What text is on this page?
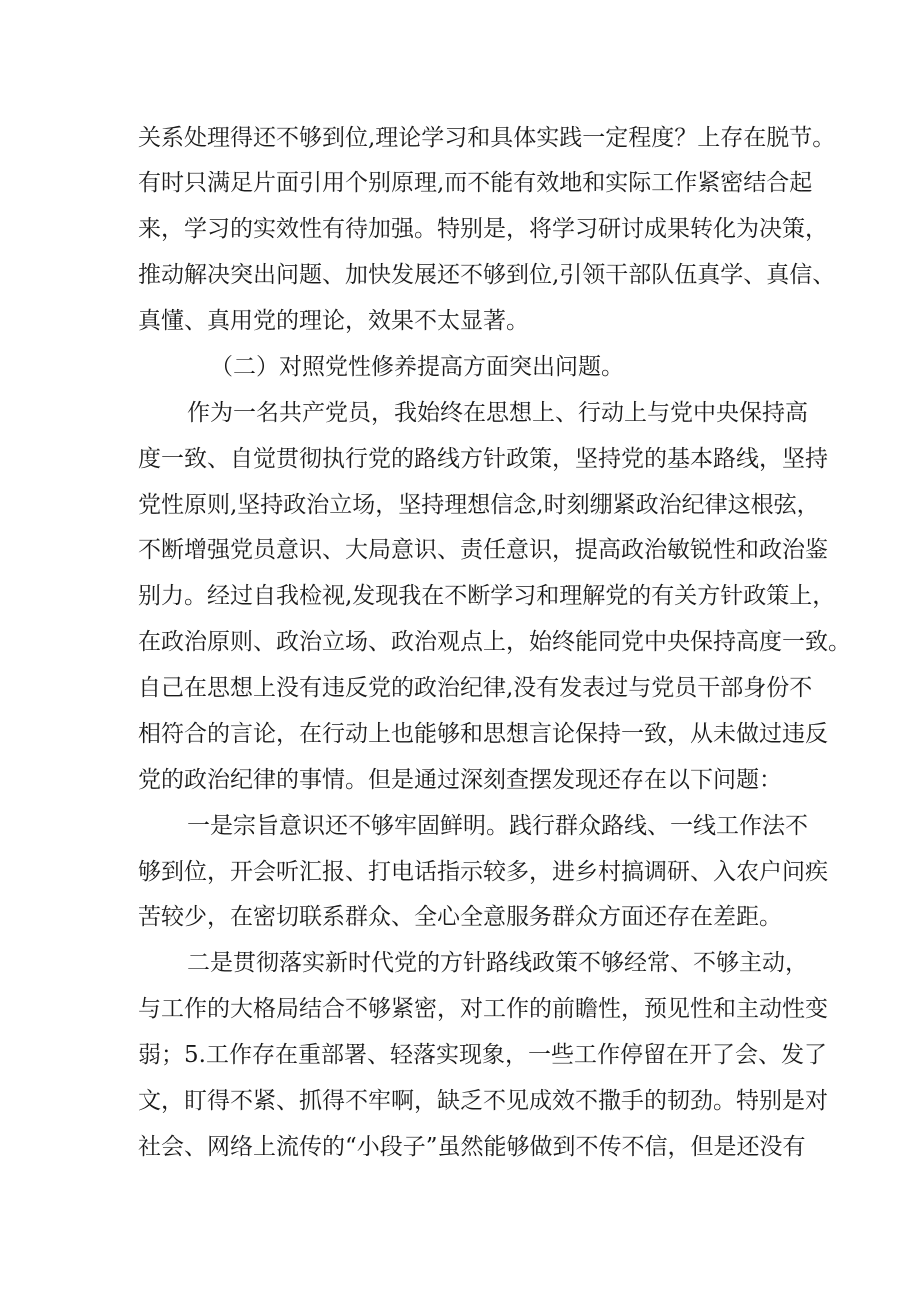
关系处理得还不够到位,理论学习和具体实践一定程度？上存在脱节。
有时只满足片面引用个别原理,而不能有效地和实际工作紧密结合起
来，学习的实效性有待加强。特别是，将学习研讨成果转化为决策，
推动解决突出问题、加快发展还不够到位,引领干部队伍真学、真信、
真懂、真用党的理论，效果不太显著。
（二）对照党性修养提高方面突出问题。
作为一名共产党员，我始终在思想上、行动上与党中央保持高
度一致、自觉贯彻执行党的路线方针政策，坚持党的基本路线，坚持
党性原则,坚持政治立场，坚持理想信念,时刻绷紧政治纪律这根弦，
不断增强党员意识、大局意识、责任意识，提高政治敏锐性和政治鉴
别力。经过自我检视,发现我在不断学习和理解党的有关方针政策上，
在政治原则、政治立场、政治观点上，始终能同党中央保持高度一致。
自己在思想上没有违反党的政治纪律,没有发表过与党员干部身份不
相符合的言论，在行动上也能够和思想言论保持一致，从未做过违反
党的政治纪律的事情。但是通过深刻查摆发现还存在以下问题：
一是宗旨意识还不够牢固鲜明。践行群众路线、一线工作法不
够到位，开会听汇报、打电话指示较多，进乡村搞调研、入农户问疾
苦较少，在密切联系群众、全心全意服务群众方面还存在差距。
二是贯彻落实新时代党的方针路线政策不够经常、不够主动，
与工作的大格局结合不够紧密，对工作的前瞻性，预见性和主动性变
弱；5.工作存在重部署、轻落实现象，一些工作停留在开了会、发了
文，盯得不紧、抓得不牢啊，缺乏不见成效不撒手的韧劲。特别是对
社会、网络上流传的“小段子”虽然能够做到不传不信，但是还没有
